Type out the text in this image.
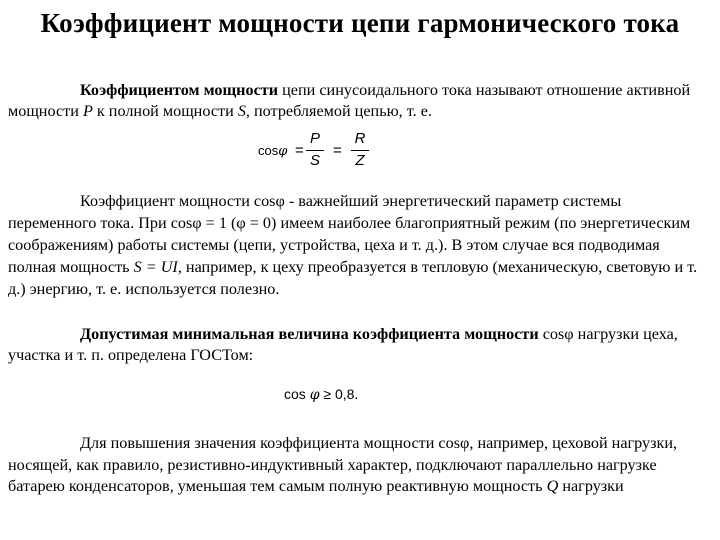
Коэффициент мощности цепи гармонического тока
Коэффициентом мощности цепи синусоидального тока называют отношение активной мощности P к полной мощности S, потребляемой цепью, т. е.
cosφ =
P
S
=
R
Z
Коэффициент мощности cosφ - важнейший энергетический параметр системы переменного тока. При cosφ = 1 (φ = 0) имеем наиболее благоприятный режим (по энергетическим соображениям) работы системы (цепи, устройства, цеха и т. д.). В этом случае вся подводимая полная мощность S = UI, например, к цеху преобразуется в тепловую (механическую, световую и т. д.) энергию, т. е. используется полезно.
Допустимая минимальная величина коэффициента мощности cosφ нагрузки цеха, участка и т. п. определена ГОСТом:
cos φ ≥ 0,8.
Для повышения значения коэффициента мощности cosφ, например, цеховой нагрузки, носящей, как правило, резистивно-индуктивный характер, подключают параллельно нагрузке батарею конденсаторов, уменьшая тем самым полную реактивную мощность Q нагрузки
